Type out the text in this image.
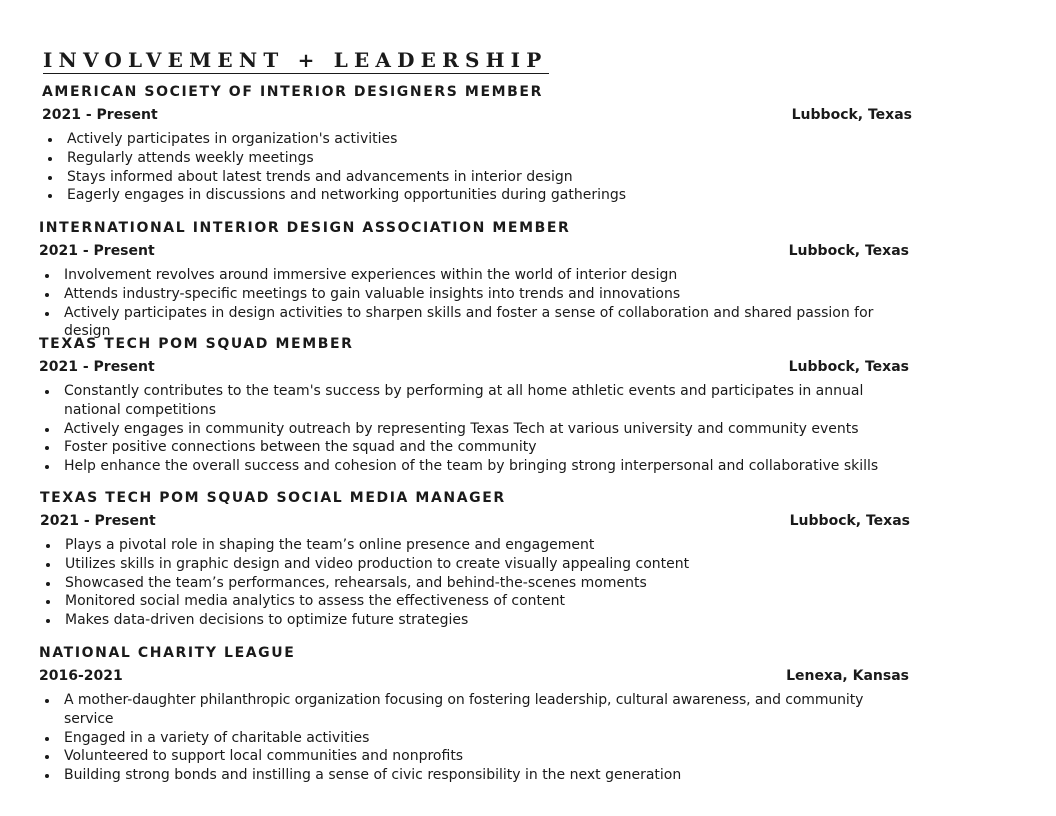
INVOLVEMENT + LEADERSHIP
AMERICAN SOCIETY OF INTERIOR DESIGNERS MEMBER
2021 - Present	Lubbock, Texas
Actively participates in organization's activities
Regularly attends weekly meetings
Stays informed about latest trends and advancements in interior design
Eagerly engages in discussions and networking opportunities during gatherings
INTERNATIONAL INTERIOR DESIGN ASSOCIATION MEMBER
2021 - Present	Lubbock, Texas
Involvement revolves around immersive experiences within the world of interior design
Attends industry-specific meetings to gain valuable insights into trends and innovations
Actively participates in design activities to sharpen skills and foster a sense of collaboration and shared passion for design
TEXAS TECH POM SQUAD MEMBER
2021 - Present	Lubbock, Texas
Constantly contributes to the team's success by performing at all home athletic events and participates in annual national competitions
Actively engages in community outreach by representing Texas Tech at various university and community events
Foster positive connections between the squad and the community
Help enhance the overall success and cohesion of the team by bringing strong interpersonal and collaborative skills
TEXAS TECH POM SQUAD SOCIAL MEDIA MANAGER
2021 - Present	Lubbock, Texas
Plays a pivotal role in shaping the team’s online presence and engagement
Utilizes skills in graphic design and video production to create visually appealing content
Showcased the team’s performances, rehearsals, and behind-the-scenes moments
Monitored social media analytics to assess the effectiveness of content
Makes data-driven decisions to optimize future strategies
NATIONAL CHARITY LEAGUE
2016-2021	Lenexa, Kansas
A mother-daughter philanthropic organization focusing on fostering leadership, cultural awareness, and community service
Engaged in a variety of charitable activities
Volunteered to support local communities and nonprofits
Building strong bonds and instilling a sense of civic responsibility in the next generation
